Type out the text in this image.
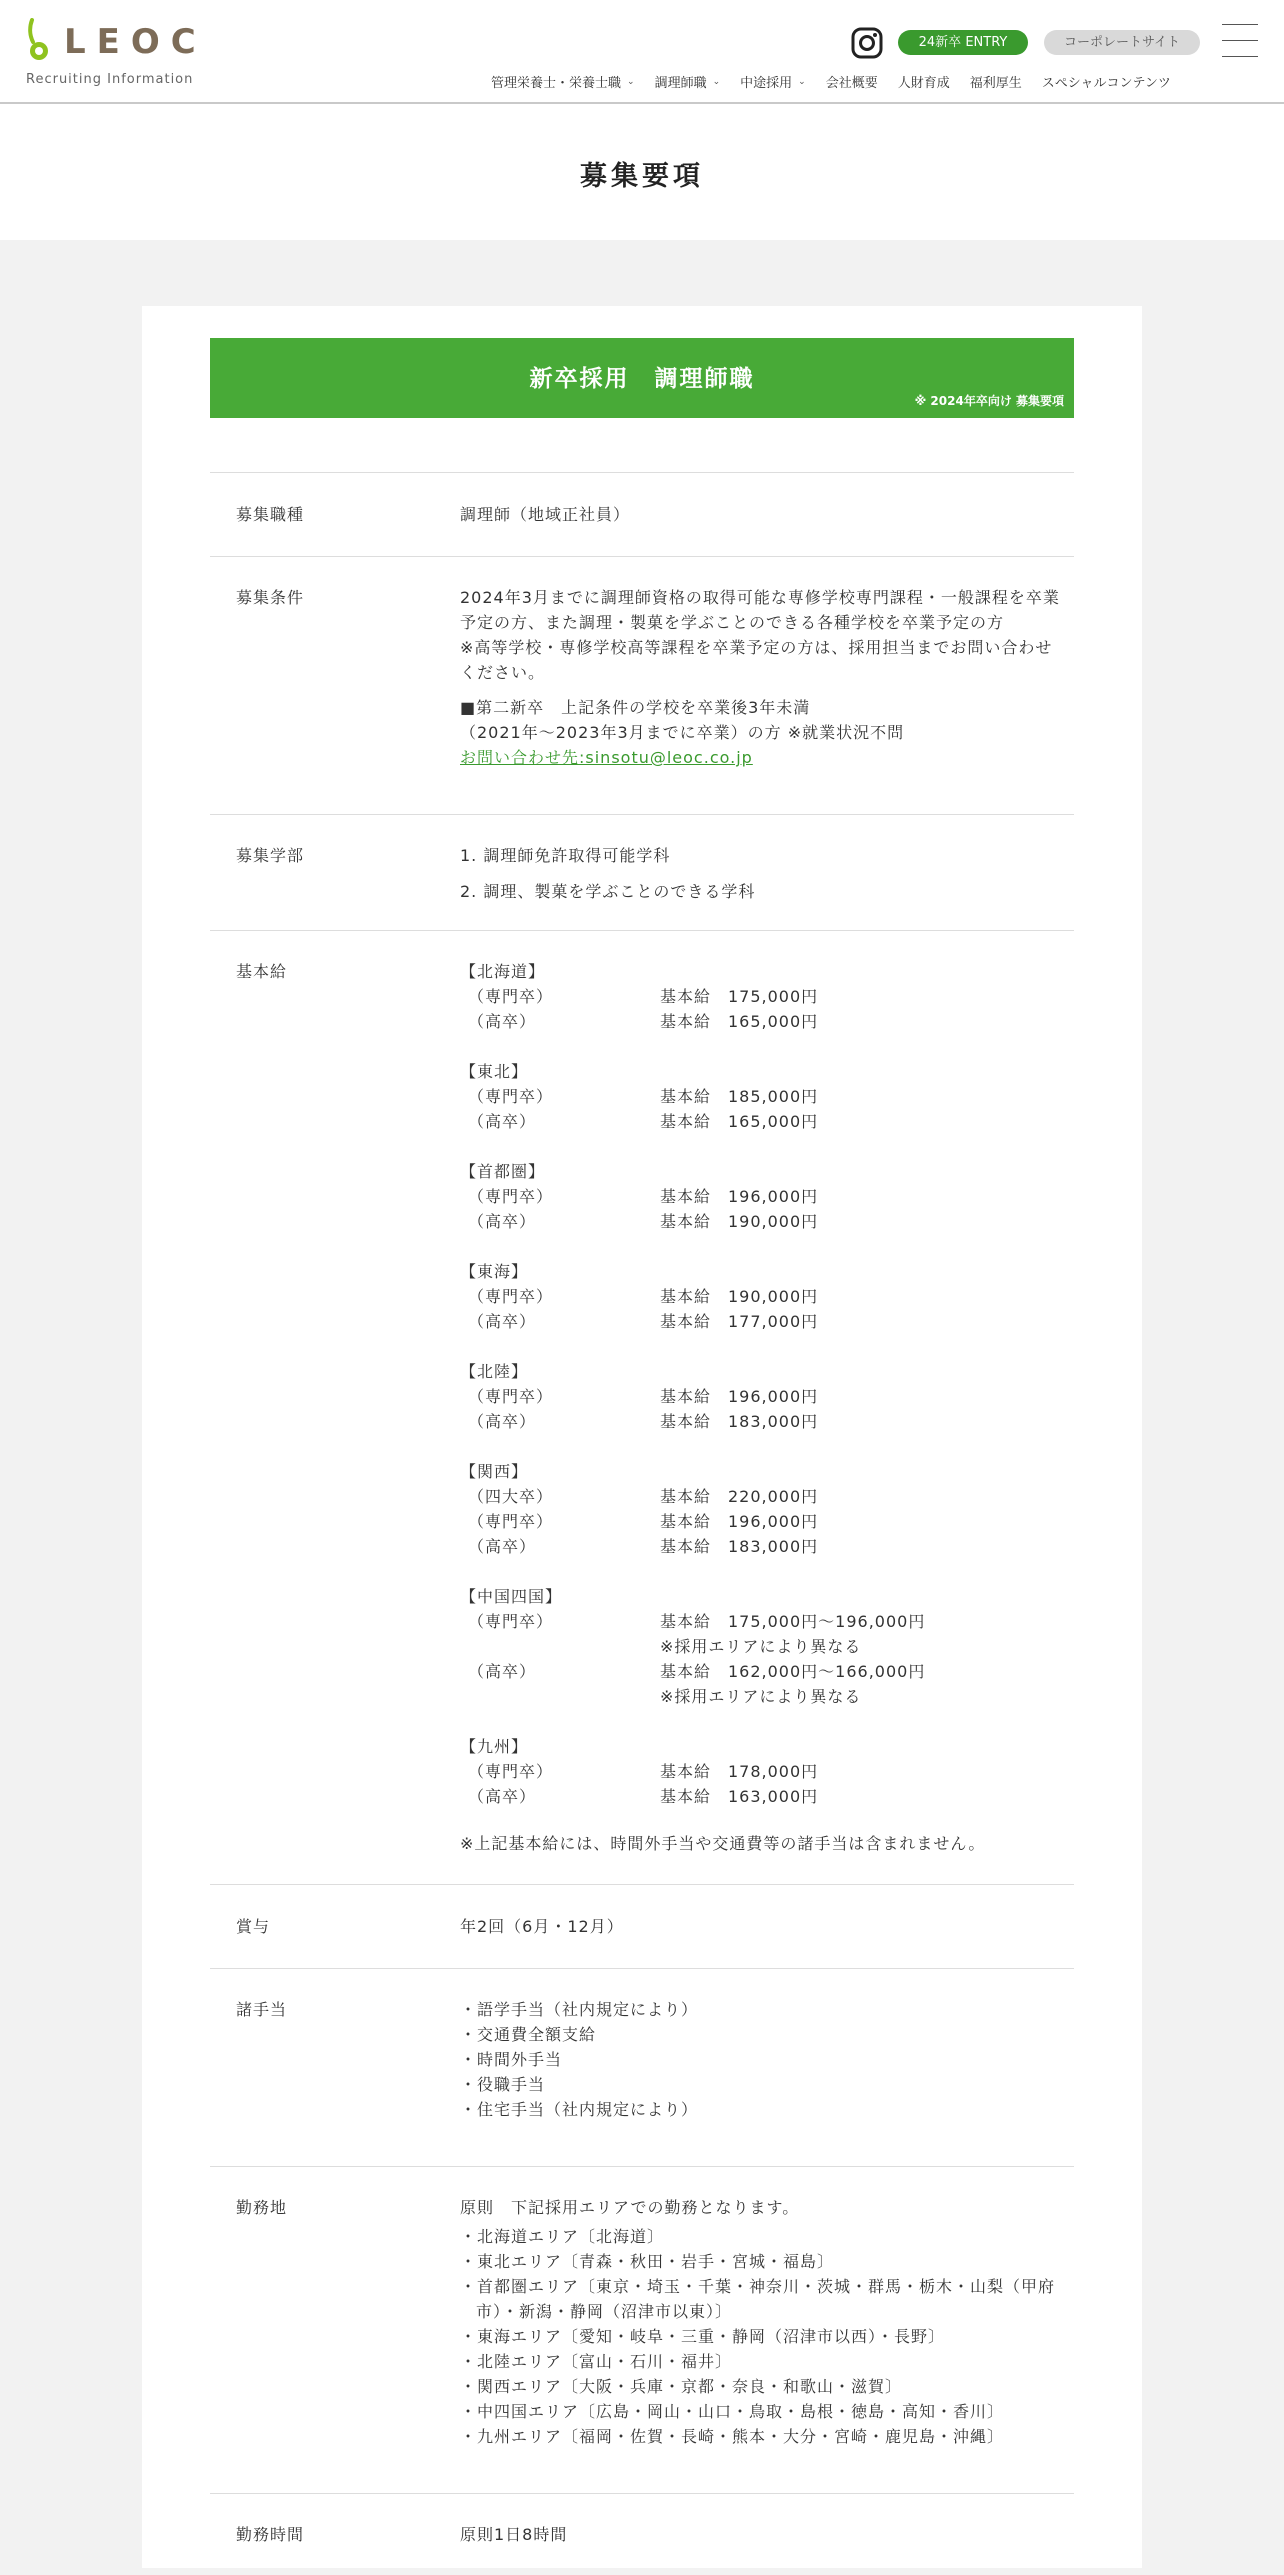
LEOC
Recruiting Information
24新卒 ENTRY	コーポレートサイト
管理栄養士・栄養士職 ⌄ 調理師職 ⌄ 中途採用 ⌄ 会社概要 人財育成 福利厚生 スペシャルコンテンツ
募集要項
新卒採用　調理師職
※ 2024年卒向け 募集要項
募集職種	調理師（地域正社員）
募集条件	2024年3月までに調理師資格の取得可能な専修学校専門課程・一般課程を卒業予定の方、また調理・製菓を学ぶことのできる各種学校を卒業予定の方
※高等学校・専修学校高等課程を卒業予定の方は、採用担当までお問い合わせください。
■第二新卒　上記条件の学校を卒業後3年未満
（2021年～2023年3月までに卒業）の方 ※就業状況不問
お問い合わせ先:sinsotu@leoc.co.jp
募集学部	1. 調理師免許取得可能学科
2. 調理、製菓を学ぶことのできる学科
基本給	【北海道】
（専門卒）	基本給　175,000円
（高卒）	基本給　165,000円
【東北】
（専門卒）	基本給　185,000円
（高卒）	基本給　165,000円
【首都圏】
（専門卒）	基本給　196,000円
（高卒）	基本給　190,000円
【東海】
（専門卒）	基本給　190,000円
（高卒）	基本給　177,000円
【北陸】
（専門卒）	基本給　196,000円
（高卒）	基本給　183,000円
【関西】
（四大卒）	基本給　220,000円
（専門卒）	基本給　196,000円
（高卒）	基本給　183,000円
【中国四国】
（専門卒）	基本給　175,000円～196,000円
※採用エリアにより異なる
（高卒）	基本給　162,000円～166,000円
※採用エリアにより異なる
【九州】
（専門卒）	基本給　178,000円
（高卒）	基本給　163,000円
※上記基本給には、時間外手当や交通費等の諸手当は含まれません。
賞与	年2回（6月・12月）
諸手当	・語学手当（社内規定により）
・交通費全額支給
・時間外手当
・役職手当
・住宅手当（社内規定により）
勤務地	原則　下記採用エリアでの勤務となります。
・北海道エリア〔北海道〕
・東北エリア〔青森・秋田・岩手・宮城・福島〕
・首都圏エリア〔東京・埼玉・千葉・神奈川・茨城・群馬・栃木・山梨（甲府市）・新潟・静岡（沼津市以東）〕
・東海エリア〔愛知・岐阜・三重・静岡（沼津市以西）・長野〕
・北陸エリア〔富山・石川・福井〕
・関西エリア〔大阪・兵庫・京都・奈良・和歌山・滋賀〕
・中四国エリア〔広島・岡山・山口・鳥取・島根・徳島・高知・香川〕
・九州エリア〔福岡・佐賀・長崎・熊本・大分・宮崎・鹿児島・沖縄〕
勤務時間	原則1日8時間
